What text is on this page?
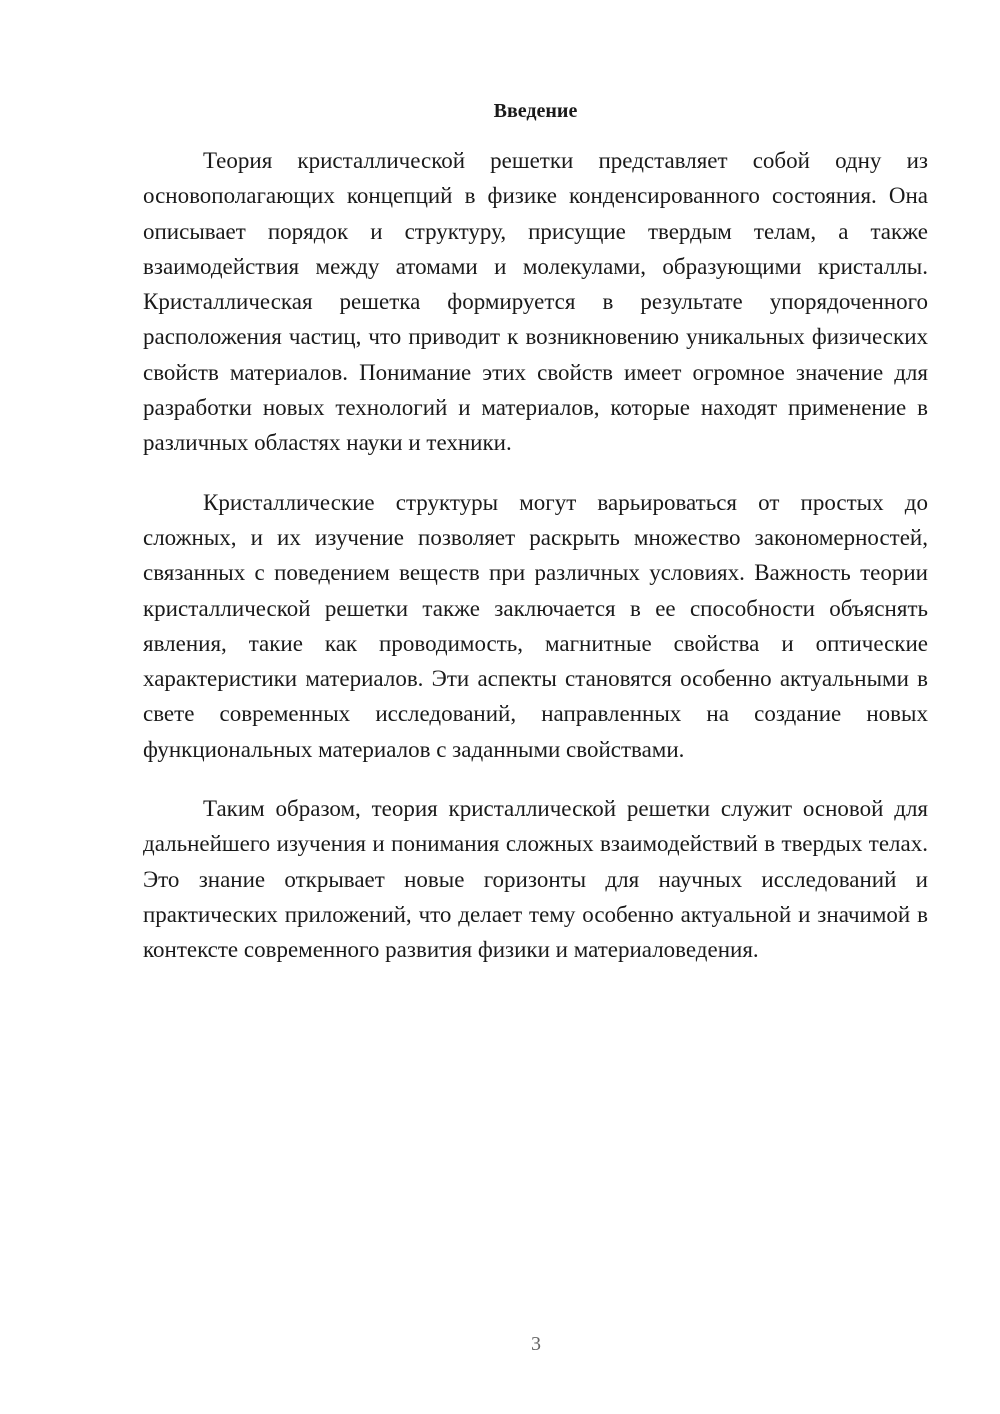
Введение

Теория кристаллической решетки представляет собой одну из основополагающих концепций в физике конденсированного состояния. Она описывает порядок и структуру, присущие твердым телам, а также взаимодействия между атомами и молекулами, образующими кристаллы. Кристаллическая решетка формируется в результате упорядоченного расположения частиц, что приводит к возникновению уникальных физических свойств материалов. Понимание этих свойств имеет огромное значение для разработки новых технологий и материалов, которые находят применение в различных областях науки и техники.

Кристаллические структуры могут варьироваться от простых до сложных, и их изучение позволяет раскрыть множество закономерностей, связанных с поведением веществ при различных условиях. Важность теории кристаллической решетки также заключается в ее способности объяснять явления, такие как проводимость, магнитные свойства и оптические характеристики материалов. Эти аспекты становятся особенно актуальными в свете современных исследований, направленных на создание новых функциональных материалов с заданными свойствами.

Таким образом, теория кристаллической решетки служит основой для дальнейшего изучения и понимания сложных взаимодействий в твердых телах. Это знание открывает новые горизонты для научных исследований и практических приложений, что делает тему особенно актуальной и значимой в контексте современного развития физики и материаловедения.

3
